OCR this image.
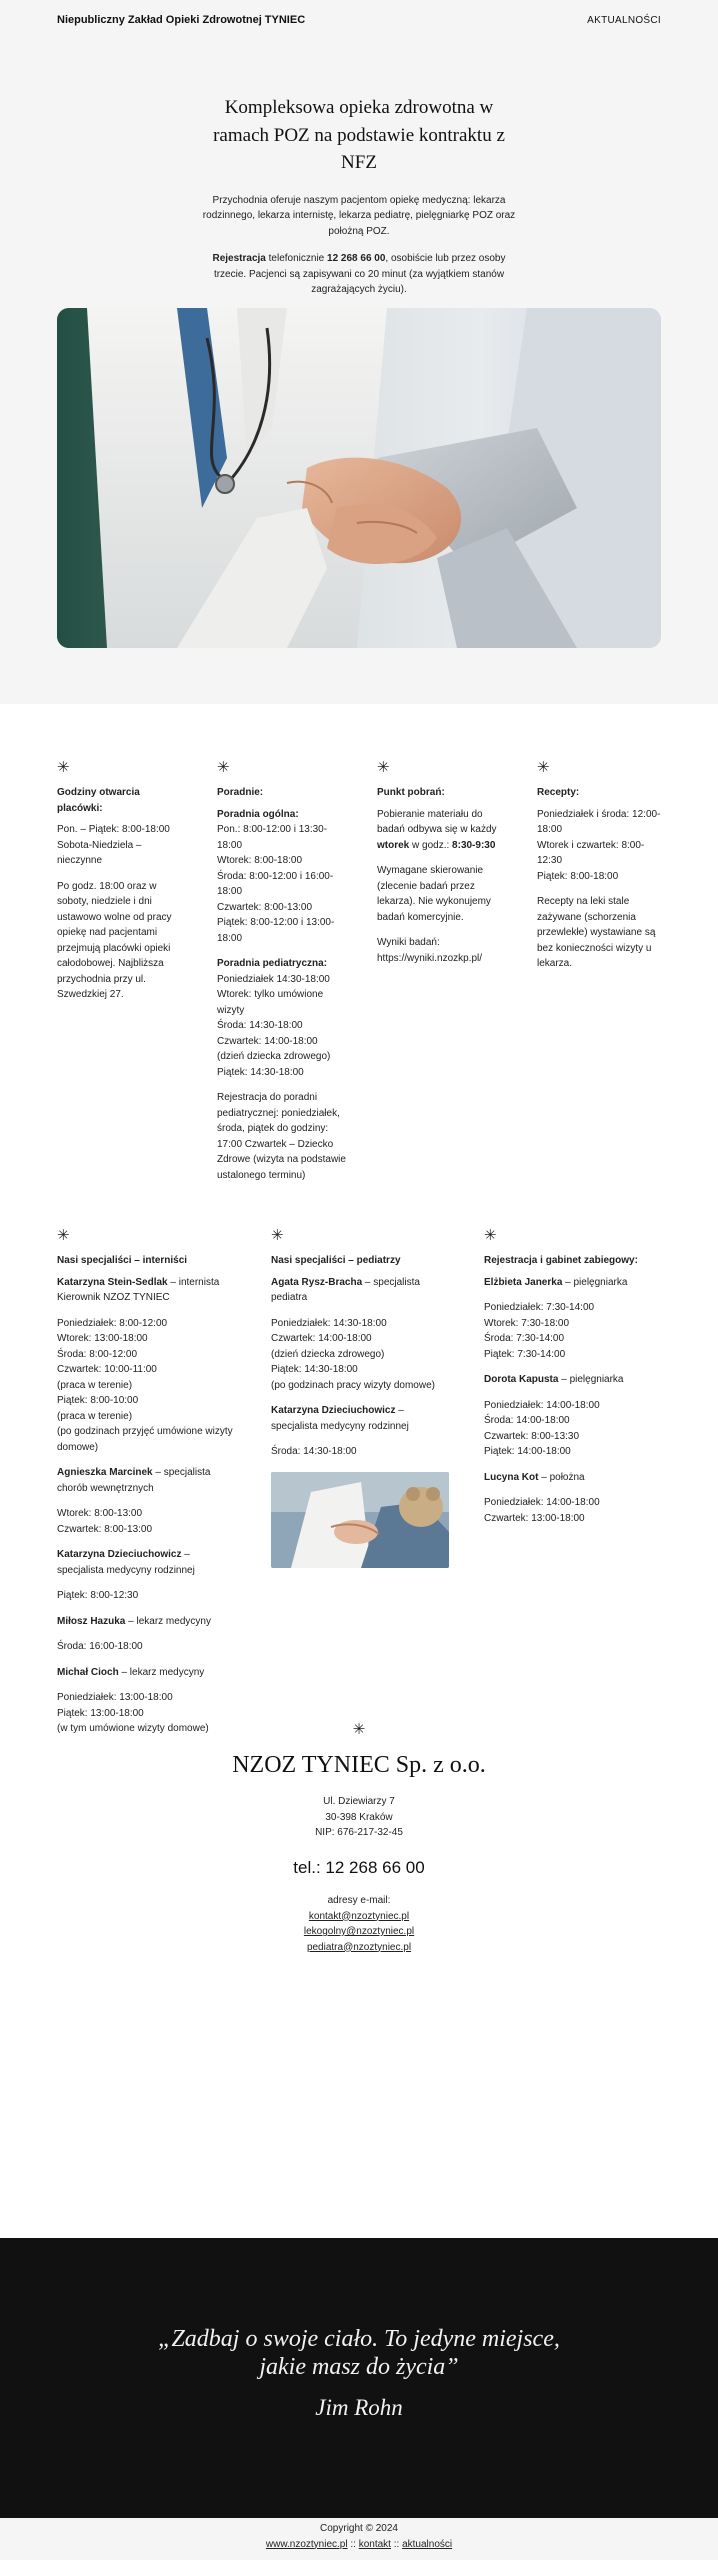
Niepubliczny Zakład Opieki Zdrowotnej TYNIEC	AKTUALNOŚCI
Kompleksowa opieka zdrowotna w ramach POZ na podstawie kontraktu z NFZ

Przychodnia oferuje naszym pacjentom opiekę medyczną: lekarza rodzinnego, lekarza internistę, lekarza pediatrę, pielęgniarkę POZ oraz położną POZ.

Rejestracja telefonicznie 12 268 66 00, osobiście lub przez osoby trzecie. Pacjenci są zapisywani co 20 minut (za wyjątkiem stanów zagrażających życiu).

✳
Godziny otwarcia placówki:

Pon. – Piątek: 8:00-18:00

Sobota-Niedziela – nieczynne

Po godz. 18:00 oraz w soboty, niedziele i dni ustawowo wolne od pracy opiekę nad pacjentami przejmują placówki opieki całodobowej. Najbliższa przychodnia przy ul. Szwedzkiej 27.

✳
Poradnie:
Poradnia ogólna:

Pon.: 8:00-12:00 i 13:30-18:00
Wtorek: 8:00-18:00
Środa: 8:00-12:00 i 16:00-18:00
Czwartek: 8:00-13:00
Piątek: 8:00-12:00 i 13:00-18:00

Poradnia pediatryczna:

Poniedziałek 14:30-18:00
Wtorek: tylko umówione wizyty
Środa: 14:30-18:00
Czwartek: 14:00-18:00
(dzień dziecka zdrowego)
Piątek: 14:30-18:00

Rejestracja do poradni pediatrycznej: poniedziałek, środa, piątek do godziny: 17:00 Czwartek – Dziecko Zdrowe (wizyta na podstawie ustalonego terminu)

✳
Punkt pobrań:

Pobieranie materiału do badań odbywa się w każdy wtorek w godz.: 8:30-9:30

Wymagane skierowanie (zlecenie badań przez lekarza). Nie wykonujemy badań komercyjnie.

Wyniki badań:

https://wyniki.nzozkp.pl/

✳
Recepty:

Poniedziałek i środa: 12:00-18:00
Wtorek i czwartek: 8:00-12:30
Piątek: 8:00-18:00

Recepty na leki stale zażywane (schorzenia przewlekłe) wystawiane są bez konieczności wizyty u lekarza.

✳
Nasi specjaliści – interniści

Katarzyna Stein-Sedlak – internista Kierownik NZOZ TYNIEC

Poniedziałek: 8:00-12:00
Wtorek: 13:00-18:00
Środa: 8:00-12:00
Czwartek: 10:00-11:00
(praca w terenie)
Piątek: 8:00-10:00
(praca w terenie)
(po godzinach przyjęć umówione wizyty domowe)

Agnieszka Marcinek – specjalista chorób wewnętrznych

Wtorek: 8:00-13:00
Czwartek: 8:00-13:00

Katarzyna Dzieciuchowicz – specjalista medycyny rodzinnej

Piątek: 8:00-12:30

Miłosz Hazuka – lekarz medycyny

Środa: 16:00-18:00

Michał Cioch – lekarz medycyny

Poniedziałek: 13:00-18:00
Piątek: 13:00-18:00
(w tym umówione wizyty domowe)

✳
Nasi specjaliści – pediatrzy

Agata Rysz-Bracha – specjalista pediatra

Poniedziałek: 14:30-18:00
Czwartek: 14:00-18:00
(dzień dziecka zdrowego)
Piątek: 14:30-18:00
(po godzinach pracy wizyty domowe)

Katarzyna Dzieciuchowicz – specjalista medycyny rodzinnej

Środa: 14:30-18:00

✳
Rejestracja i gabinet zabiegowy:

Elżbieta Janerka – pielęgniarka

Poniedziałek: 7:30-14:00
Wtorek: 7:30-18:00
Środa: 7:30-14:00
Piątek: 7:30-14:00

Dorota Kapusta – pielęgniarka

Poniedziałek: 14:00-18:00
Środa: 14:00-18:00
Czwartek: 8:00-13:30
Piątek: 14:00-18:00

Lucyna Kot – położna

Poniedziałek: 14:00-18:00
Czwartek: 13:00-18:00

✳
NZOZ TYNIEC Sp. z o.o.

Ul. Dziewiarzy 7

30-398 Kraków

NIP: 676-217-32-45

tel.: 12 268 66 00

adresy e-mail:

kontakt@nzoztyniec.pl

lekogolny@nzoztyniec.pl

pediatra@nzoztyniec.pl

„Zadbaj o swoje ciało. To jedyne miejsce, jakie masz do życia”
Jim Rohn
Copyright © 2024
www.nzoztyniec.pl :: kontakt :: aktualności
